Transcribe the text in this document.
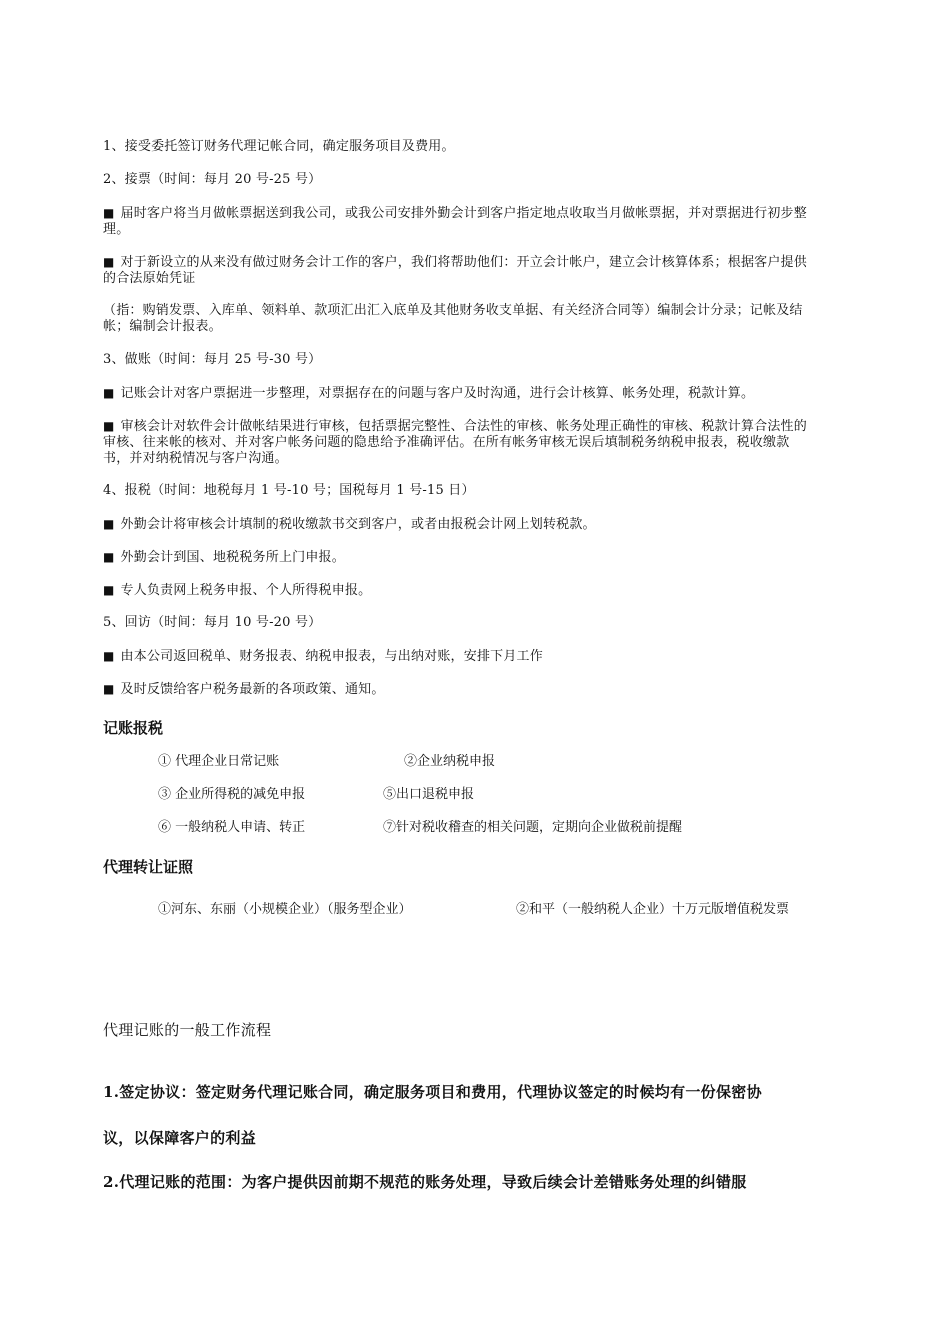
1、接受委托签订财务代理记帐合同，确定服务项目及费用。

2、接票（时间：每月 20 号-25 号）

■ 届时客户将当月做帐票据送到我公司，或我公司安排外勤会计到客户指定地点收取当月做帐票据，并对票据进行初步整理。

■ 对于新设立的从来没有做过财务会计工作的客户，我们将帮助他们：开立会计帐户，建立会计核算体系；根据客户提供的合法原始凭证

（指：购销发票、入库单、领料单、款项汇出汇入底单及其他财务收支单据、有关经济合同等）编制会计分录；记帐及结帐；编制会计报表。

3、做账（时间：每月 25 号-30 号）

■ 记账会计对客户票据进一步整理，对票据存在的问题与客户及时沟通，进行会计核算、帐务处理，税款计算。

■ 审核会计对软件会计做帐结果进行审核，包括票据完整性、合法性的审核、帐务处理正确性的审核、税款计算合法性的审核、往来帐的核对、并对客户帐务问题的隐患给予准确评估。在所有帐务审核无误后填制税务纳税申报表，税收缴款书，并对纳税情况与客户沟通。

4、报税（时间：地税每月 1 号-10 号；国税每月 1 号-15 日）

■ 外勤会计将审核会计填制的税收缴款书交到客户，或者由报税会计网上划转税款。

■ 外勤会计到国、地税税务所上门申报。

■ 专人负责网上税务申报、个人所得税申报。

5、回访（时间：每月 10 号-20 号）

■ 由本公司返回税单、财务报表、纳税申报表，与出纳对账，安排下月工作

■ 及时反馈给客户税务最新的各项政策、通知。

记账报税

① 代理企业日常记账	②企业纳税申报

③ 企业所得税的减免申报	⑤出口退税申报

⑥ 一般纳税人申请、转正	⑦针对税收稽查的相关问题，定期向企业做税前提醒

代理转让证照

①河东、东丽（小规模企业）（服务型企业）	②和平（一般纳税人企业）十万元版增值税发票

代理记账的一般工作流程

1.签定协议：签定财务代理记账合同，确定服务项目和费用，代理协议签定的时候均有一份保密协

议，以保障客户的利益

2.代理记账的范围：为客户提供因前期不规范的账务处理，导致后续会计差错账务处理的纠错服
